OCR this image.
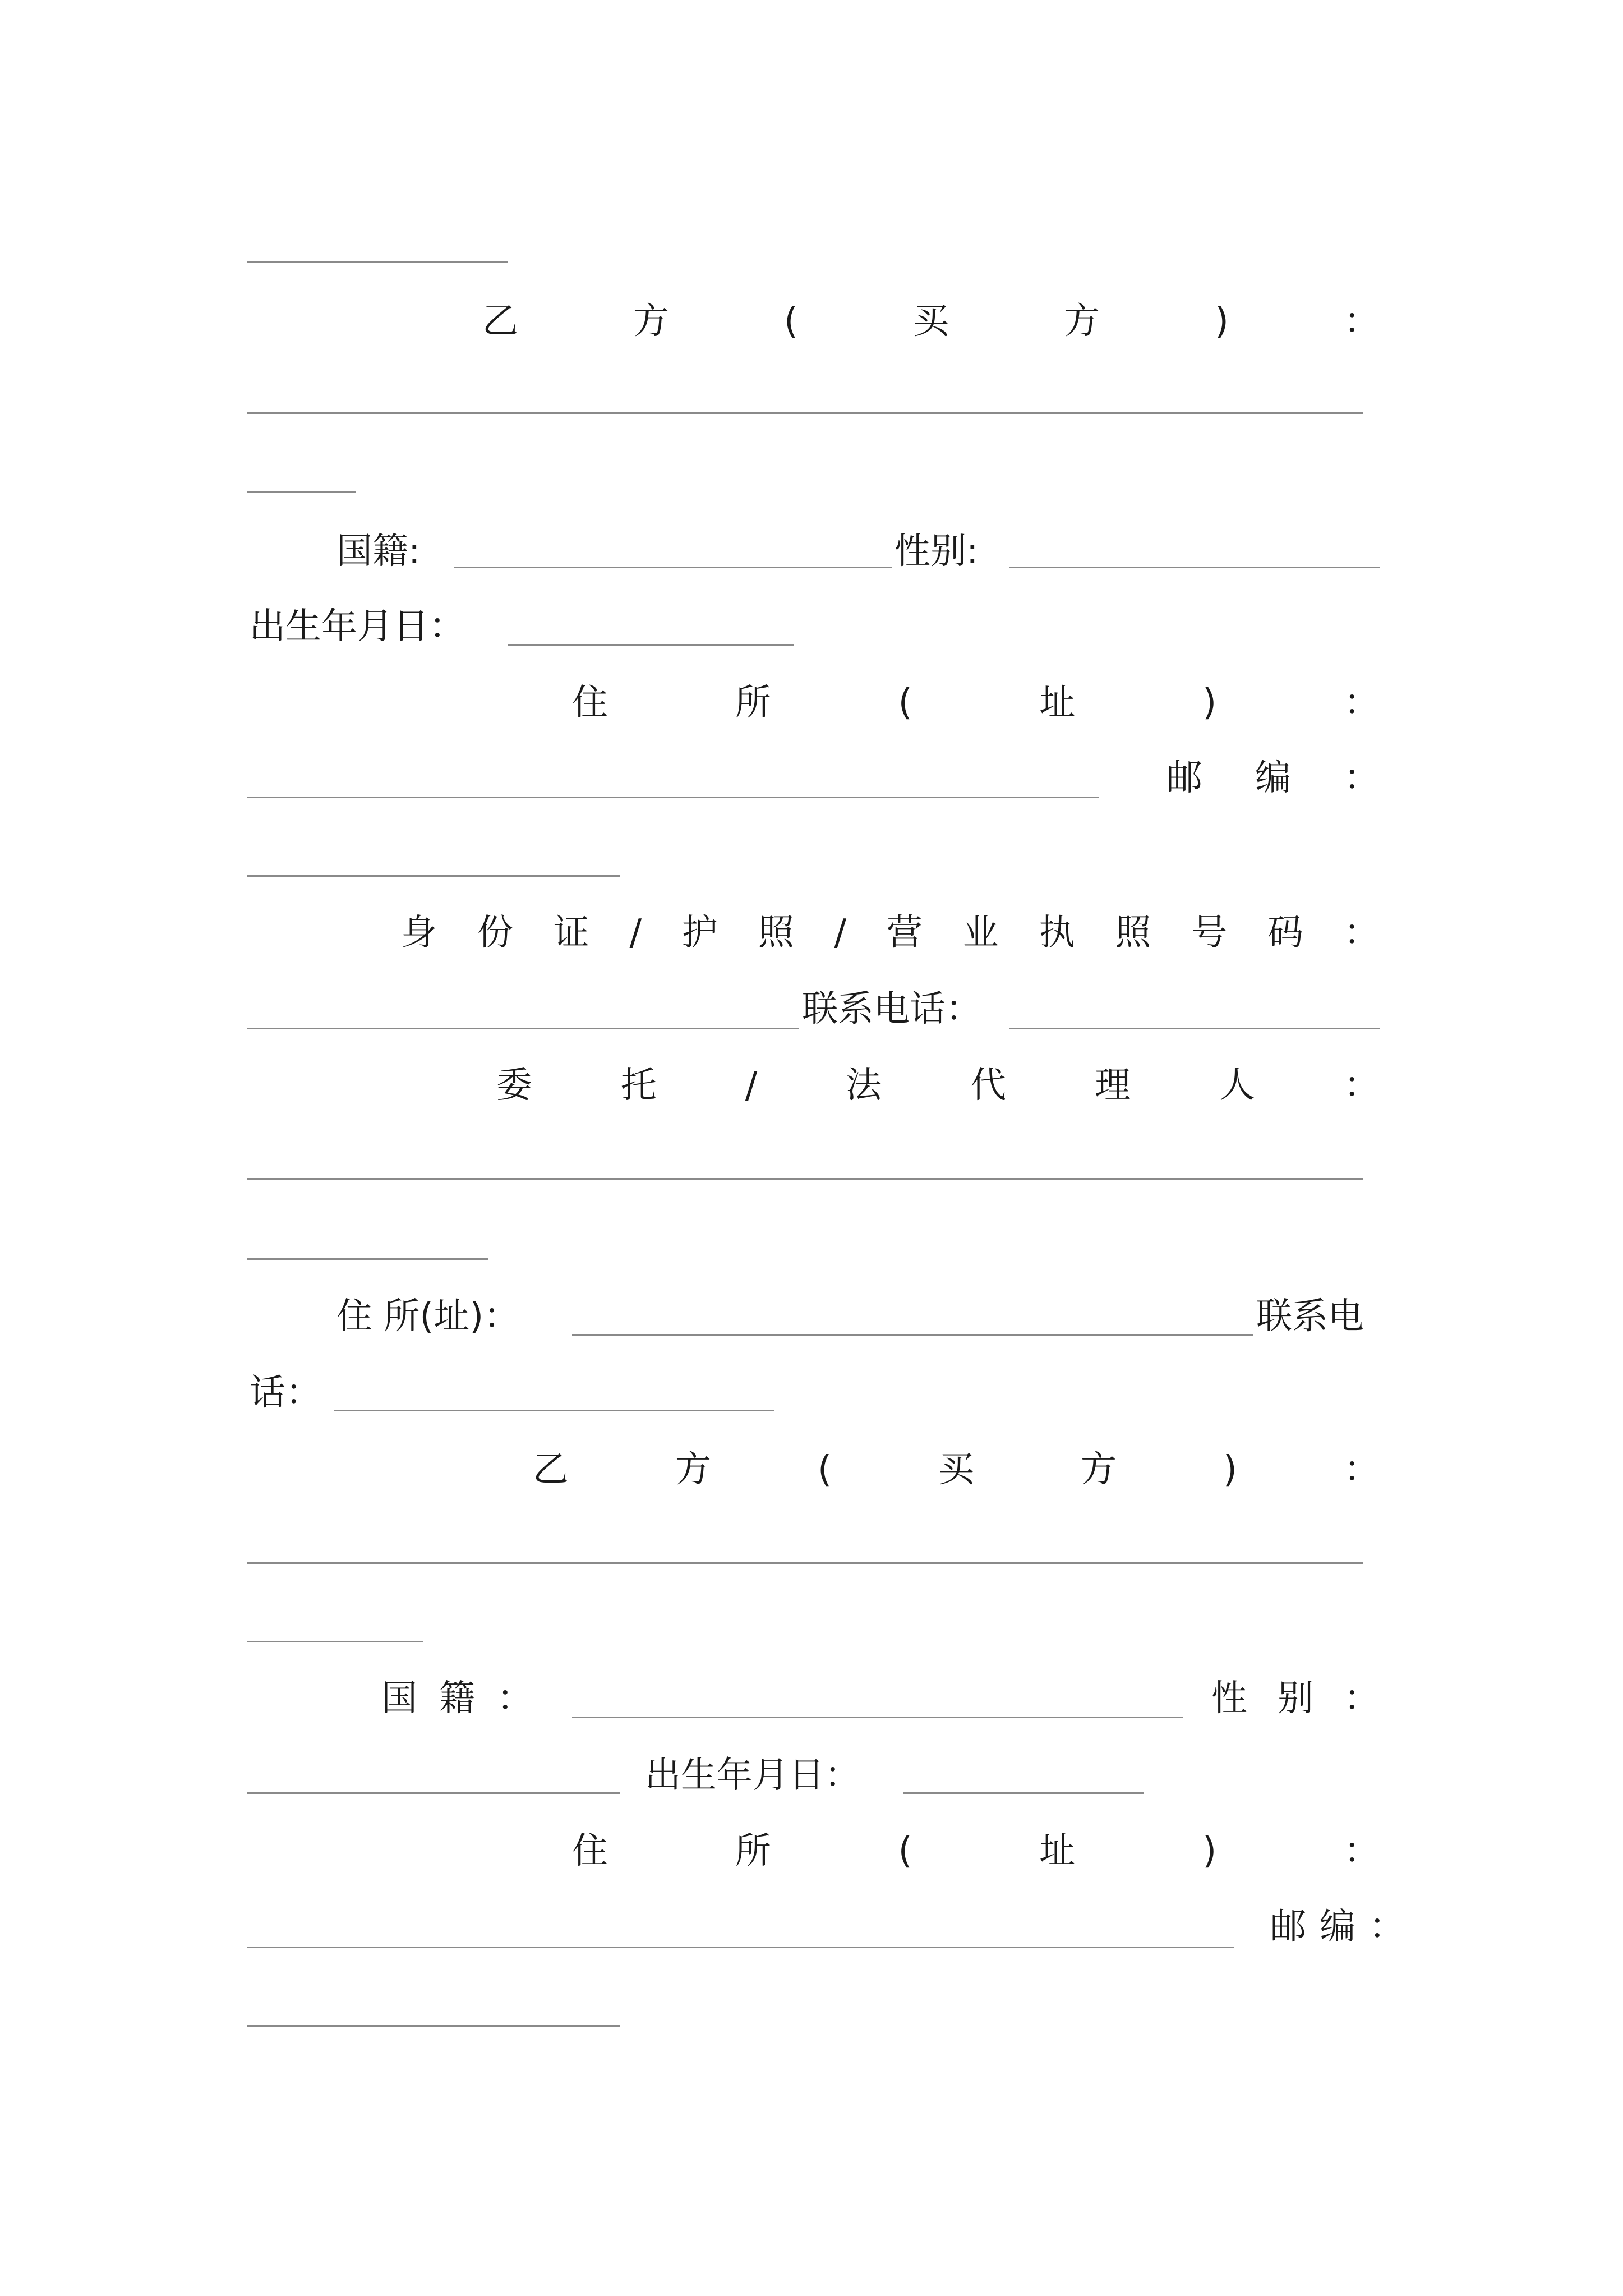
乙	方	(	买	方	)	：
国籍:	性别:
出生年月日：
住	所	(	址	)	：
邮 编 ：
身 份 证 / 护 照 / 营 业 执 照 号 码 ：
联系电话：
委 托 / 法 代 理 人 ：
住 所(址)：	联系电
话：
乙	方	(	买	方	)	：
国 籍 ：	性 别 ：
出生年月日：
住	所	(	址	)	：
邮 编 ：
